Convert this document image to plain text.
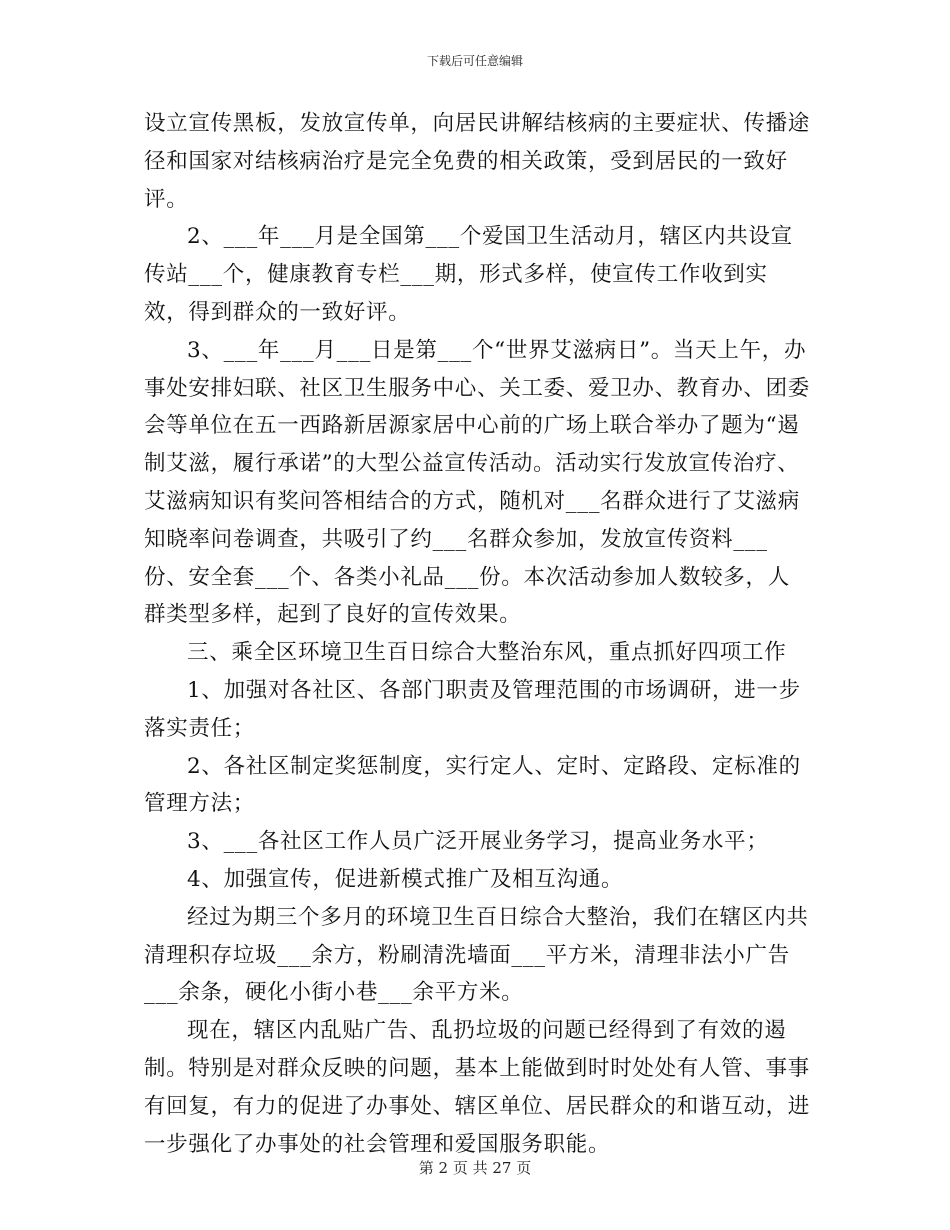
下载后可任意编辑

设立宣传黑板，发放宣传单，向居民讲解结核病的主要症状、传播途径和国家对结核病治疗是完全免费的相关政策，受到居民的一致好评。

2、___年___月是全国第___个爱国卫生活动月，辖区内共设宣传站___个，健康教育专栏___期，形式多样，使宣传工作收到实效，得到群众的一致好评。

3、___年___月___日是第___个“世界艾滋病日”。当天上午，办事处安排妇联、社区卫生服务中心、关工委、爱卫办、教育办、团委会等单位在五一西路新居源家居中心前的广场上联合举办了题为“遏制艾滋，履行承诺”的大型公益宣传活动。活动实行发放宣传治疗、艾滋病知识有奖问答相结合的方式，随机对___名群众进行了艾滋病知晓率问卷调查，共吸引了约___名群众参加，发放宣传资料___份、安全套___个、各类小礼品___份。本次活动参加人数较多，人群类型多样，起到了良好的宣传效果。

三、乘全区环境卫生百日综合大整治东风，重点抓好四项工作

1、加强对各社区、各部门职责及管理范围的市场调研，进一步落实责任；

2、各社区制定奖惩制度，实行定人、定时、定路段、定标准的管理方法；

3、___各社区工作人员广泛开展业务学习，提高业务水平；

4、加强宣传，促进新模式推广及相互沟通。

经过为期三个多月的环境卫生百日综合大整治，我们在辖区内共清理积存垃圾___余方，粉刷清洗墙面___平方米，清理非法小广告___余条，硬化小街小巷___余平方米。

现在，辖区内乱贴广告、乱扔垃圾的问题已经得到了有效的遏制。特别是对群众反映的问题，基本上能做到时时处处有人管、事事有回复，有力的促进了办事处、辖区单位、居民群众的和谐互动，进一步强化了办事处的社会管理和爱国服务职能。

第 2 页 共 27 页
